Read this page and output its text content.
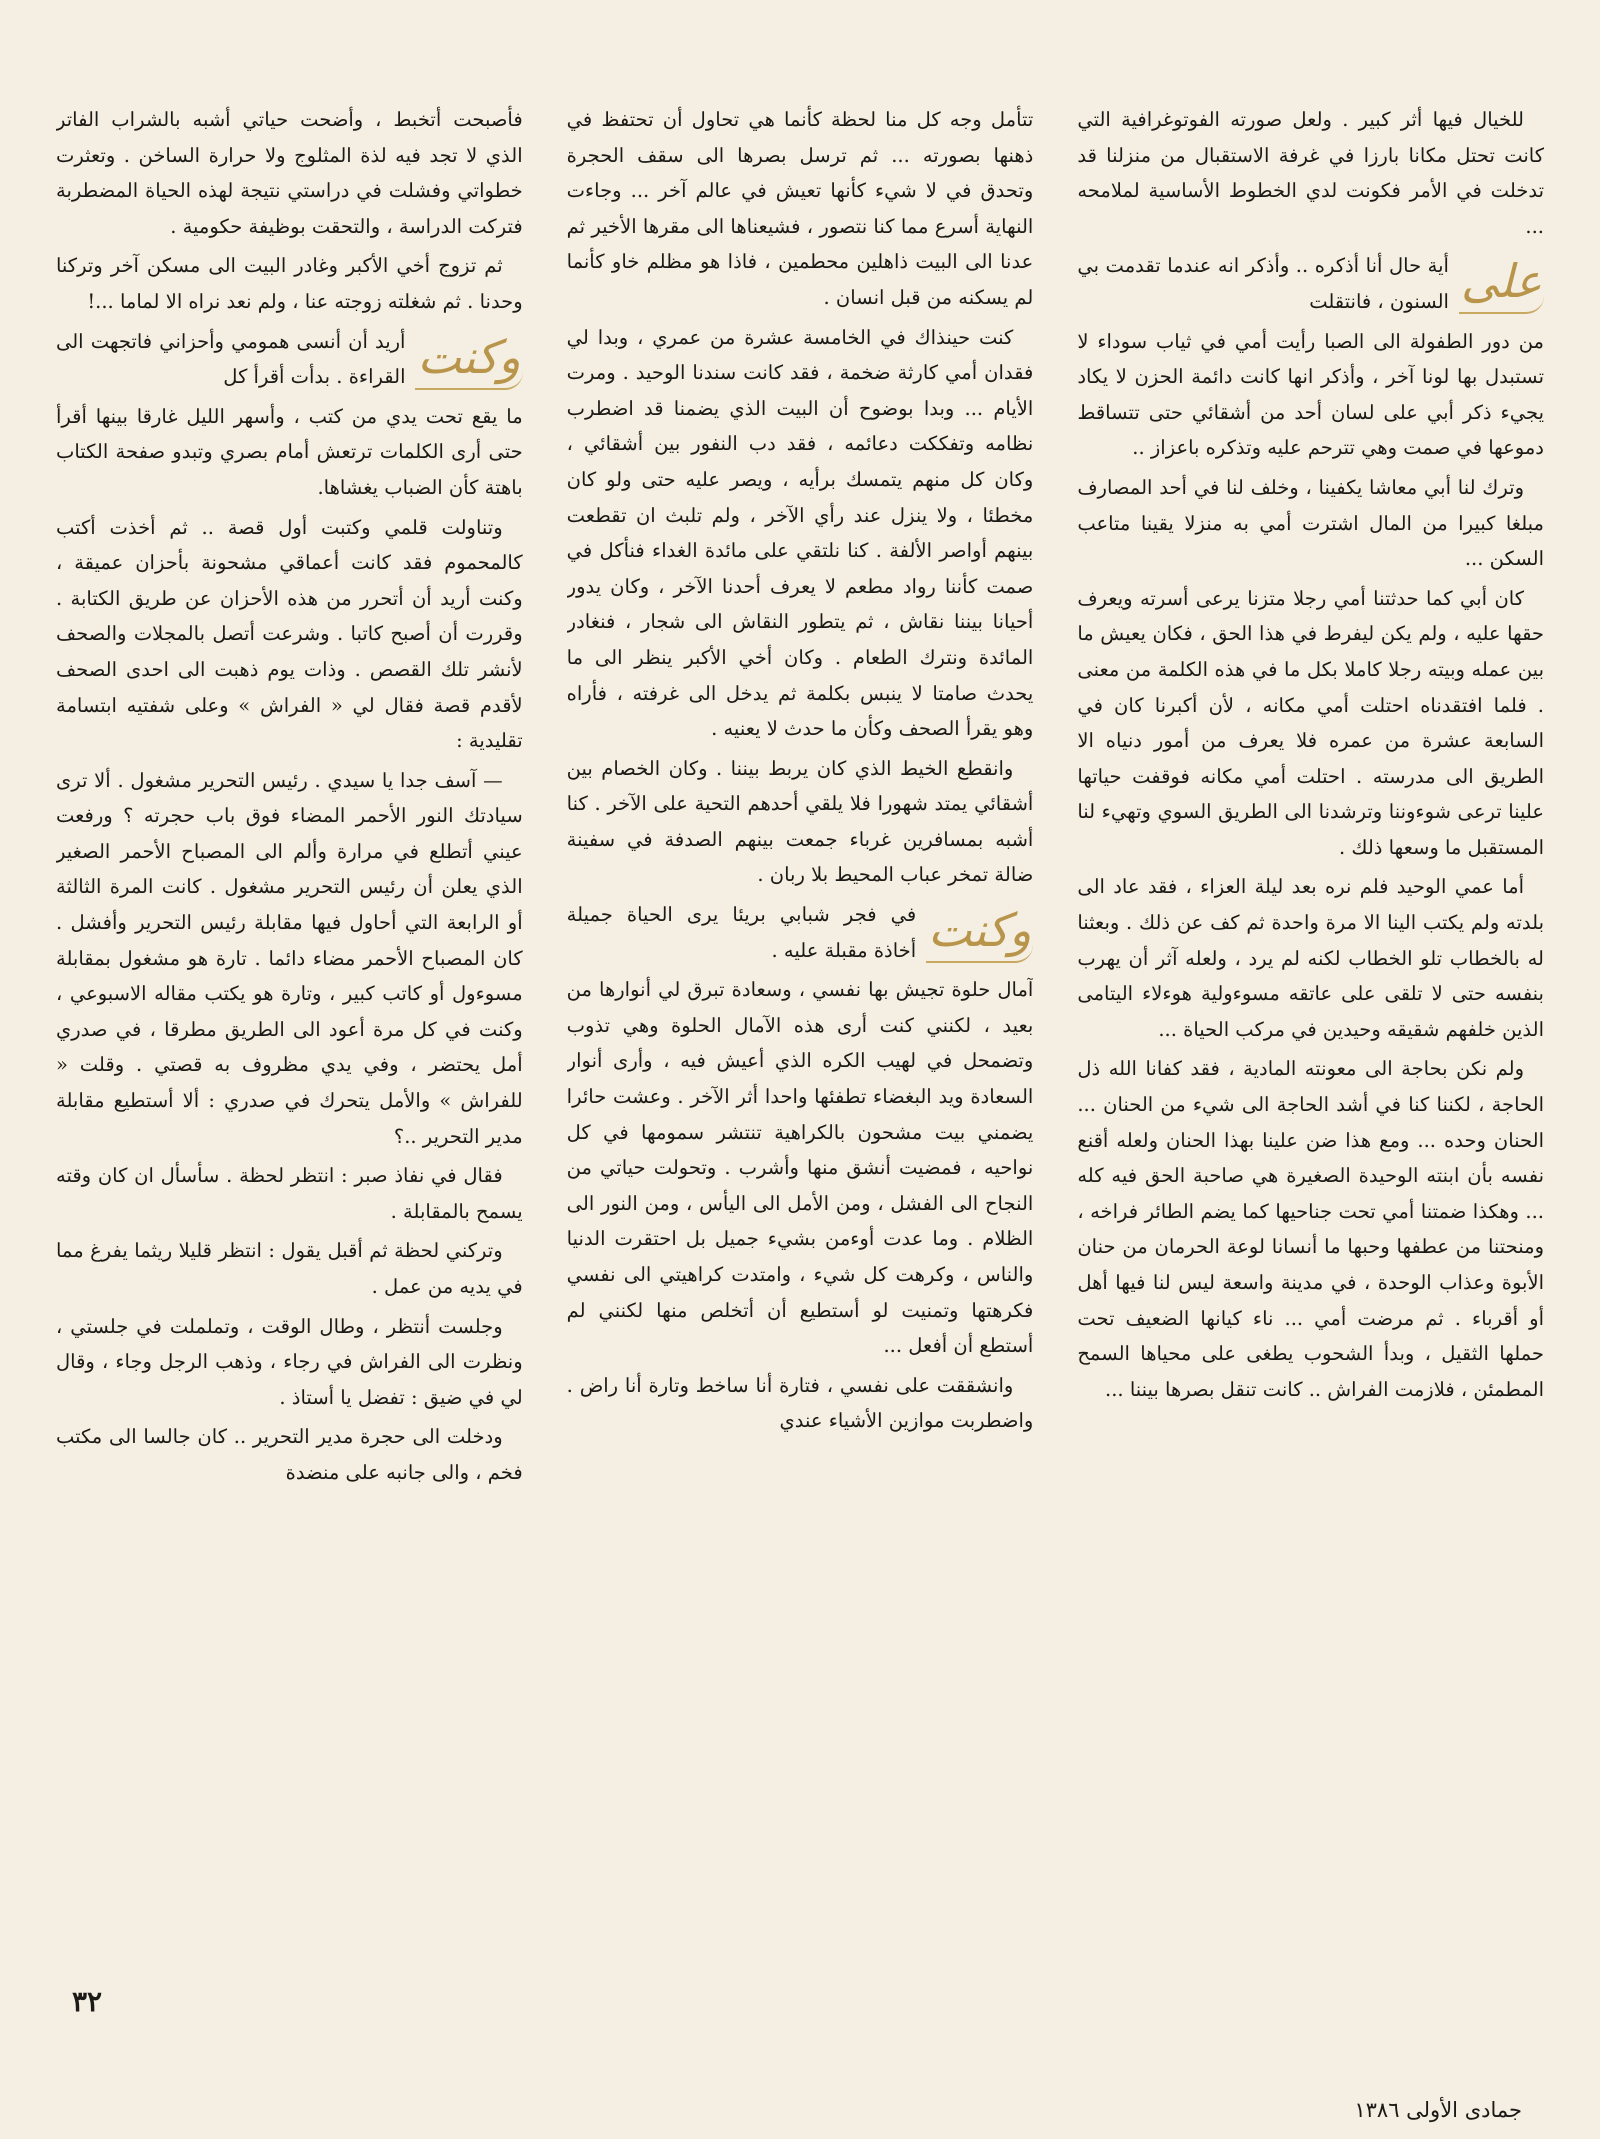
للخيال فيها أثر كبير . ولعل صورته الفوتوغرافية التي كانت تحتل مكانا بارزا في غرفة الاستقبال من منزلنا قد تدخلت في الأمر فكونت لدي الخطوط الأساسية لملامحه ...

على
أية حال أنا أذكره .. وأذكر انه عندما تقدمت بي السنون ، فانتقلت

من دور الطفولة الى الصبا رأيت أمي في ثياب سوداء لا تستبدل بها لونا آخر ، وأذكر انها كانت دائمة الحزن لا يكاد يجيء ذكر أبي على لسان أحد من أشقائي حتى تتساقط دموعها في صمت وهي تترحم عليه وتذكره باعزاز ..

وترك لنا أبي معاشا يكفينا ، وخلف لنا في أحد المصارف مبلغا كبيرا من المال اشترت أمي به منزلا يقينا متاعب السكن ...

كان أبي كما حدثتنا أمي رجلا متزنا يرعى أسرته ويعرف حقها عليه ، ولم يكن ليفرط في هذا الحق ، فكان يعيش ما بين عمله وبيته رجلا كاملا بكل ما في هذه الكلمة من معنى . فلما افتقدناه احتلت أمي مكانه ، لأن أكبرنا كان في السابعة عشرة من عمره فلا يعرف من أمور دنياه الا الطريق الى مدرسته . احتلت أمي مكانه فوقفت حياتها علينا ترعى شوءوننا وترشدنا الى الطريق السوي وتهيء لنا المستقبل ما وسعها ذلك .

أما عمي الوحيد فلم نره بعد ليلة العزاء ، فقد عاد الى بلدته ولم يكتب الينا الا مرة واحدة ثم كف عن ذلك . وبعثنا له بالخطاب تلو الخطاب لكنه لم يرد ، ولعله آثر أن يهرب بنفسه حتى لا تلقى على عاتقه مسوءولية هوءلاء اليتامى الذين خلفهم شقيقه وحيدين في مركب الحياة ...

ولم نكن بحاجة الى معونته المادية ، فقد كفانا الله ذل الحاجة ، لكننا كنا في أشد الحاجة الى شيء من الحنان ... الحنان وحده ... ومع هذا ضن علينا بهذا الحنان ولعله أقنع نفسه بأن ابنته الوحيدة الصغيرة هي صاحبة الحق فيه كله ... وهكذا ضمتنا أمي تحت جناحيها كما يضم الطائر فراخه ، ومنحتنا من عطفها وحبها ما أنسانا لوعة الحرمان من حنان الأبوة وعذاب الوحدة ، في مدينة واسعة ليس لنا فيها أهل أو أقرباء . ثم مرضت أمي ... ناء كيانها الضعيف تحت حملها الثقيل ، وبدأ الشحوب يطغى على محياها السمح المطمئن ، فلازمت الفراش .. كانت تنقل بصرها بيننا ...

تتأمل وجه كل منا لحظة كأنما هي تحاول أن تحتفظ في ذهنها بصورته ... ثم ترسل بصرها الى سقف الحجرة وتحدق في لا شيء كأنها تعيش في عالم آخر ... وجاءت النهاية أسرع مما كنا نتصور ، فشيعناها الى مقرها الأخير ثم عدنا الى البيت ذاهلين محطمين ، فاذا هو مظلم خاو كأنما لم يسكنه من قبل انسان .

كنت حينذاك في الخامسة عشرة من عمري ، وبدا لي فقدان أمي كارثة ضخمة ، فقد كانت سندنا الوحيد . ومرت الأيام ... وبدا بوضوح أن البيت الذي يضمنا قد اضطرب نظامه وتفككت دعائمه ، فقد دب النفور بين أشقائي ، وكان كل منهم يتمسك برأيه ، ويصر عليه حتى ولو كان مخطئا ، ولا ينزل عند رأي الآخر ، ولم تلبث ان تقطعت بينهم أواصر الألفة . كنا نلتقي على مائدة الغداء فنأكل في صمت كأننا رواد مطعم لا يعرف أحدنا الآخر ، وكان يدور أحيانا بيننا نقاش ، ثم يتطور النقاش الى شجار ، فنغادر المائدة ونترك الطعام . وكان أخي الأكبر ينظر الى ما يحدث صامتا لا ينبس بكلمة ثم يدخل الى غرفته ، فأراه وهو يقرأ الصحف وكأن ما حدث لا يعنيه .

وانقطع الخيط الذي كان يربط بيننا . وكان الخصام بين أشقائي يمتد شهورا فلا يلقي أحدهم التحية على الآخر . كنا أشبه بمسافرين غرباء جمعت بينهم الصدفة في سفينة ضالة تمخر عباب المحيط بلا ربان .

وكنت
في فجر شبابي بريئا يرى الحياة جميلة أخاذة مقبلة عليه .

آمال حلوة تجيش بها نفسي ، وسعادة تبرق لي أنوارها من بعيد ، لكنني كنت أرى هذه الآمال الحلوة وهي تذوب وتضمحل في لهيب الكره الذي أعيش فيه ، وأرى أنوار السعادة ويد البغضاء تطفئها واحدا أثر الآخر . وعشت حائرا يضمني بيت مشحون بالكراهية تنتشر سمومها في كل نواحيه ، فمضيت أنشق منها وأشرب . وتحولت حياتي من النجاح الى الفشل ، ومن الأمل الى اليأس ، ومن النور الى الظلام . وما عدت أوءمن بشيء جميل بل احتقرت الدنيا والناس ، وكرهت كل شيء ، وامتدت كراهيتي الى نفسي فكرهتها وتمنيت لو أستطيع أن أتخلص منها لكنني لم أستطع أن أفعل ...

وانشققت على نفسي ، فتارة أنا ساخط وتارة أنا راض . واضطربت موازين الأشياء عندي

فأصبحت أتخبط ، وأضحت حياتي أشبه بالشراب الفاتر الذي لا تجد فيه لذة المثلوج ولا حرارة الساخن . وتعثرت خطواتي وفشلت في دراستي نتيجة لهذه الحياة المضطربة فتركت الدراسة ، والتحقت بوظيفة حكومية .

ثم تزوج أخي الأكبر وغادر البيت الى مسكن آخر وتركنا وحدنا . ثم شغلته زوجته عنا ، ولم نعد نراه الا لماما ...!

وكنت
أريد أن أنسى همومي وأحزاني فاتجهت الى القراءة . بدأت أقرأ كل

ما يقع تحت يدي من كتب ، وأسهر الليل غارقا بينها أقرأ حتى أرى الكلمات ترتعش أمام بصري وتبدو صفحة الكتاب باهتة كأن الضباب يغشاها.

وتناولت قلمي وكتبت أول قصة .. ثم أخذت أكتب كالمحموم فقد كانت أعماقي مشحونة بأحزان عميقة ، وكنت أريد أن أتحرر من هذه الأحزان عن طريق الكتابة . وقررت أن أصبح كاتبا . وشرعت أتصل بالمجلات والصحف لأنشر تلك القصص . وذات يوم ذهبت الى احدى الصحف لأقدم قصة فقال لي « الفراش » وعلى شفتيه ابتسامة تقليدية :

— آسف جدا يا سيدي . رئيس التحرير مشغول . ألا ترى سيادتك النور الأحمر المضاء فوق باب حجرته ؟ ورفعت عيني أتطلع في مرارة وألم الى المصباح الأحمر الصغير الذي يعلن أن رئيس التحرير مشغول . كانت المرة الثالثة أو الرابعة التي أحاول فيها مقابلة رئيس التحرير وأفشل . كان المصباح الأحمر مضاء دائما . تارة هو مشغول بمقابلة مسوءول أو كاتب كبير ، وتارة هو يكتب مقاله الاسبوعي ، وكنت في كل مرة أعود الى الطريق مطرقا ، في صدري أمل يحتضر ، وفي يدي مظروف به قصتي . وقلت « للفراش » والأمل يتحرك في صدري : ألا أستطيع مقابلة مدير التحرير ..؟

فقال في نفاذ صبر : انتظر لحظة . سأسأل ان كان وقته يسمح بالمقابلة .

وتركني لحظة ثم أقبل يقول : انتظر قليلا ريثما يفرغ مما في يديه من عمل .

وجلست أنتظر ، وطال الوقت ، وتململت في جلستي ، ونظرت الى الفراش في رجاء ، وذهب الرجل وجاء ، وقال لي في ضيق : تفضل يا أستاذ .

ودخلت الى حجرة مدير التحرير .. كان جالسا الى مكتب فخم ، والى جانبه على منضدة

٣٢
جمادى الأولى ١٣٨٦
